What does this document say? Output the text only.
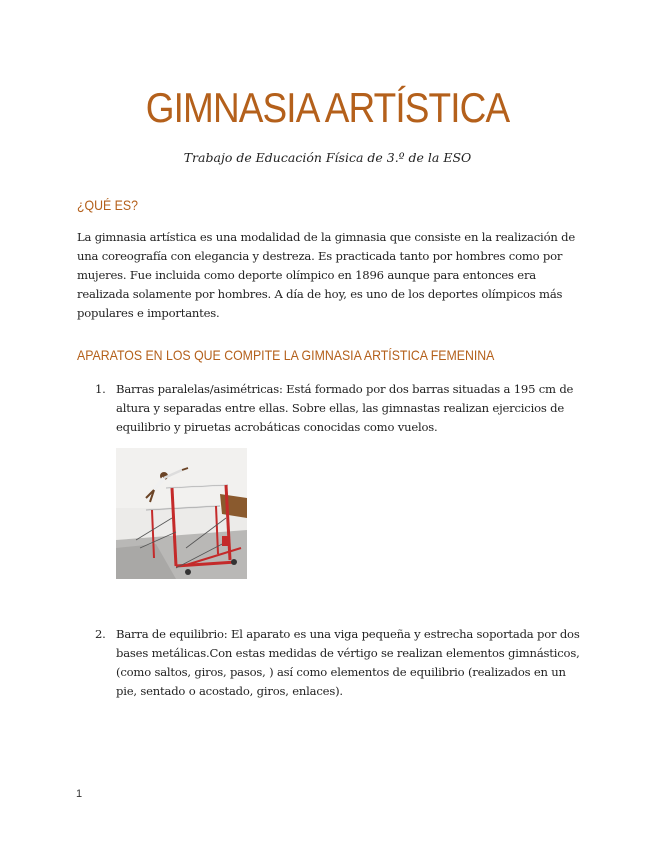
GIMNASIA ARTÍSTICA

Trabajo de Educación Física de 3.º de la ESO

¿QUÉ ES?

La gimnasia artística es una modalidad de la gimnasia que consiste en la realización de una coreografía con elegancia y destreza. Es practicada tanto por hombres como por mujeres. Fue incluida como deporte olímpico en 1896 aunque para entonces era realizada solamente por hombres. A día de hoy, es uno de los deportes olímpicos más populares e importantes.

APARATOS EN LOS QUE COMPITE LA GIMNASIA ARTÍSTICA FEMENINA
1. Barras paralelas/asimétricas: Está formado por dos barras situadas a 195 cm de altura y separadas entre ellas. Sobre ellas, las gimnastas realizan ejercicios de equilibrio y piruetas acrobáticas conocidas como vuelos.

2. Barra de equilibrio: El aparato es una viga pequeña y estrecha soportada por dos bases metálicas.Con estas medidas de vértigo se realizan elementos gimnásticos, (como saltos, giros, pasos, ) así como elementos de equilibrio (realizados en un pie, sentado o acostado, giros, enlaces).

1
